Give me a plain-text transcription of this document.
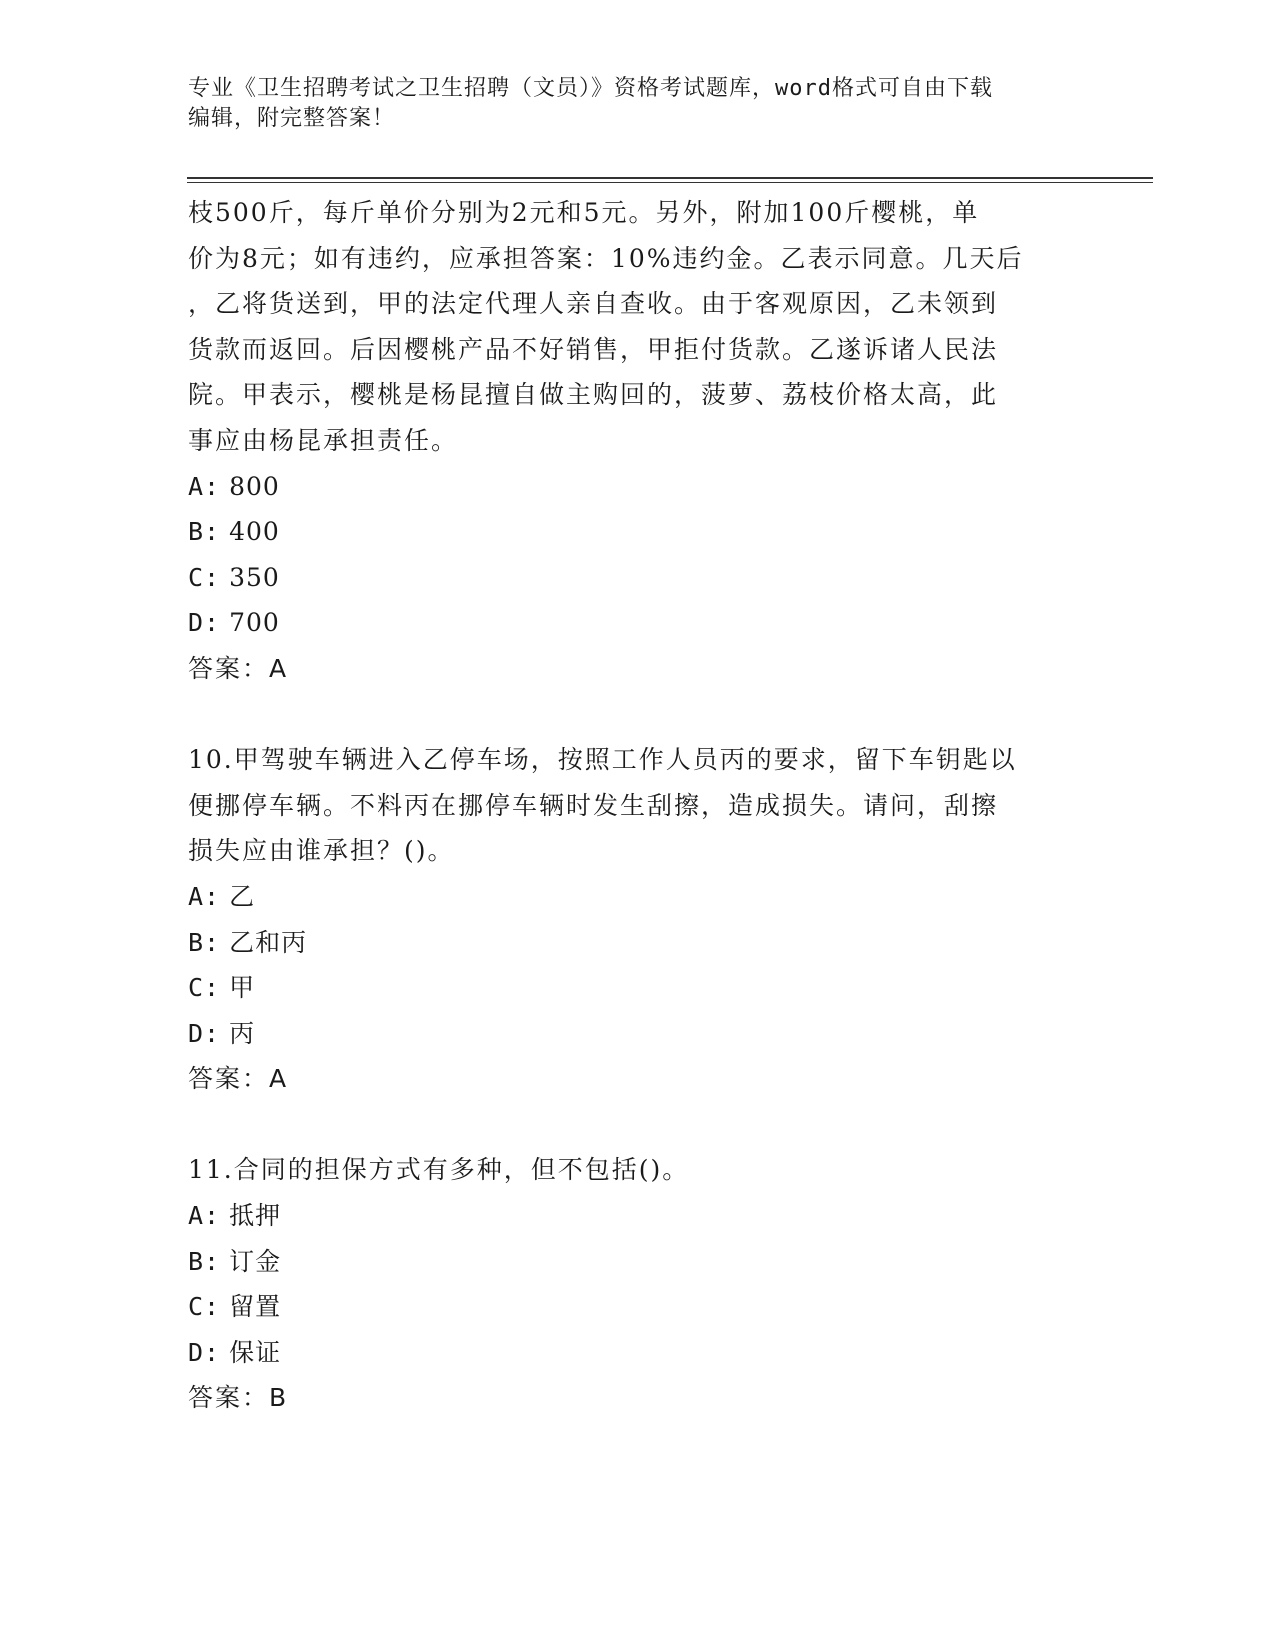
专业《卫生招聘考试之卫生招聘（文员）》资格考试题库，word格式可自由下载
编辑，附完整答案！
枝500斤，每斤单价分别为2元和5元。另外，附加100斤樱桃，单
价为8元；如有违约，应承担答案：10%违约金。乙表示同意。几天后
，乙将货送到，甲的法定代理人亲自查收。由于客观原因，乙未领到
货款而返回。后因樱桃产品不好销售，甲拒付货款。乙遂诉诸人民法
院。甲表示，樱桃是杨昆擅自做主购回的，菠萝、荔枝价格太高，此
事应由杨昆承担责任。
A: 800
B: 400
C: 350
D: 700
答案：A
10.甲驾驶车辆进入乙停车场，按照工作人员丙的要求，留下车钥匙以
便挪停车辆。不料丙在挪停车辆时发生刮擦，造成损失。请问，刮擦
损失应由谁承担？()。
A: 乙
B: 乙和丙
C: 甲
D: 丙
答案：A
11.合同的担保方式有多种，但不包括()。
A: 抵押
B: 订金
C: 留置
D: 保证
答案：B
